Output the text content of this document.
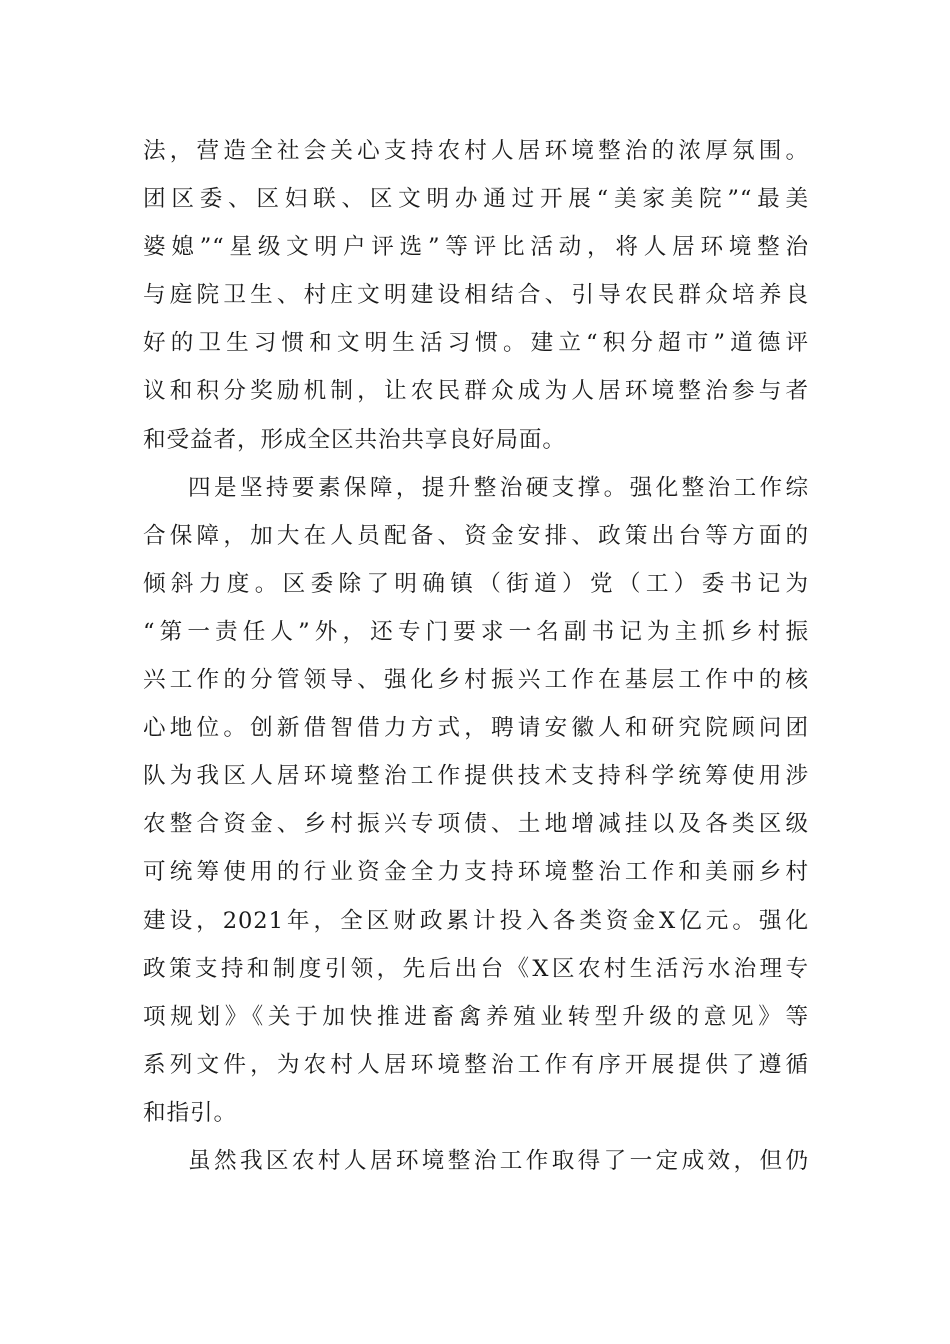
法，营造全社会关心支持农村人居环境整治的浓厚氛围。
团区委、区妇联、区文明办通过开展“美家美院”“最美
婆媳”“星级文明户评选”等评比活动，将人居环境整治
与庭院卫生、村庄文明建设相结合、引导农民群众培养良
好的卫生习惯和文明生活习惯。建立“积分超市”道德评
议和积分奖励机制，让农民群众成为人居环境整治参与者
和受益者，形成全区共治共享良好局面。
四是坚持要素保障，提升整治硬支撑。强化整治工作综
合保障，加大在人员配备、资金安排、政策出台等方面的
倾斜力度。区委除了明确镇（街道）党（工）委书记为
“第一责任人”外，还专门要求一名副书记为主抓乡村振
兴工作的分管领导、强化乡村振兴工作在基层工作中的核
心地位。创新借智借力方式，聘请安徽人和研究院顾问团
队为我区人居环境整治工作提供技术支持科学统筹使用涉
农整合资金、乡村振兴专项债、土地增减挂以及各类区级
可统筹使用的行业资金全力支持环境整治工作和美丽乡村
建设，2021年，全区财政累计投入各类资金X亿元。强化
政策支持和制度引领，先后出台《X区农村生活污水治理专
项规划》《关于加快推进畜禽养殖业转型升级的意见》等
系列文件，为农村人居环境整治工作有序开展提供了遵循
和指引。
虽然我区农村人居环境整治工作取得了一定成效，但仍
